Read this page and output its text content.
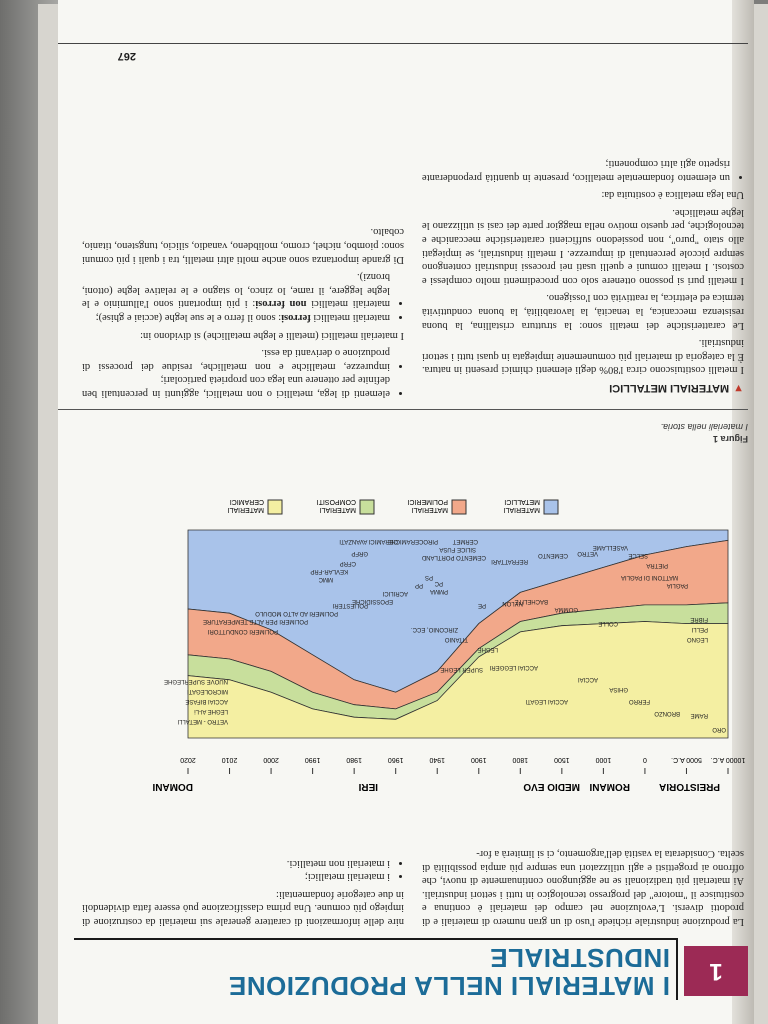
1
I MATERIALI NELLA PRODUZIONE INDUSTRIALE

La produzione industriale richiede l'uso di un gran numero di materiali e di prodotti diversi. L'evoluzione nel campo dei materiali è continua e costituisce il "motore" del progresso tecnologico in tutti i settori industriali. Ai materiali più tradizionali se ne aggiungono continuamente di nuovi, che offrono ai progettisti e agli utilizzatori una sempre più ampia possibilità di scelta. Considerata la vastità dell'argomento, ci si limiterà a for-

nire delle informazioni di carattere generale sui materiali da costruzione di impiego più comune. Una prima classificazione può essere fatta dividendoli in due categorie fondamentali:

• i materiali metallici;
• i materiali non metallici.
PREISTORIA
ROMANI
MEDIO EVO
IERI
DOMANI
10000 A.C.
5000 A.C.
0
1000
1500
1800
1900
1940
1960
1980
1990
2000
2010
2020
ORO
RAME
BRONZO
FERRO
GHISA
ACCIAI
ACCIAI LEGATI
ACCIAI LEGGERI
LEGHE
SUPER LEGHE
TITANIO
ZIRCONIO, ECC.
VETRO - METALLI
LEGHE Al-Li
ACCIAI BIFASE
MICROLEGATI
NUOVE SUPERLEGHE
LEGNO
PELLI
FIBRE
COLLE
GOMMA
BACHELITE
NYLON
PE
PMMA
PC
PS
PP
ACRILICI
EPOSSIDICHE
POLIESTERI
POLIMERI AD ALTO MODULO
POLIMERI PER ALTE TEMPERATURE
POLIMERI CONDUTTORI
PAGLIA
MATTONI DI PAGLIA
PIETRA
SELCE
VASELLAME
VETRO
CEMENTO
REFRATTARI
CEMENTO PORTLAND
SILICE FUSA
CERMET
PIROCERAMICHE
CERAMICI AVANZATI
GRFP
CFRP
KEVLAR-FRP
MMC
MATERIALI
METALLICI
MATERIALI
POLIMERICI
MATERIALI
COMPOSITI
MATERIALI
CERAMICI
Figura 1
I materiali nella storia.
▼MATERIALI METALLICI

I metalli costituiscono circa l'80% degli elementi chimici presenti in natura. È la categoria di materiali più comunemente impiegata in quasi tutti i settori industriali.

Le caratteristiche dei metalli sono: la struttura cristallina, la buona resistenza meccanica, la tenacità, la lavorabilità, la buona conduttività termica ed elettrica, la reattività con l'ossigeno.

I metalli puri si possono ottenere solo con procedimenti molto complessi e costosi. I metalli comuni e quelli usati nei processi industriali contengono sempre piccole percentuali di impurezze. I metalli industriali, se impiegati allo stato "puro", non possiedono sufficienti caratteristiche meccaniche e tecnologiche, per questo motivo nella maggior parte dei casi si utilizzano le leghe metalliche.

Una lega metallica è costituita da:

• un elemento fondamentale metallico, presente in quantità preponderante rispetto agli altri componenti;
• elementi di lega, metallici o non metallici, aggiunti in percentuali ben definite per ottenere una lega con proprietà particolari;
• impurezze, metalliche e non metalliche, residue dei processi di produzione o derivanti da essi.

I materiali metallici (metalli e leghe metalliche) si dividono in:

• materiali metallici ferrosi: sono il ferro e le sue leghe (acciai e ghise);
• materiali metallici non ferrosi: i più importanti sono l'alluminio e le leghe leggere, il rame, lo zinco, lo stagno e le relative leghe (ottoni, bronzi).

Di grande importanza sono anche molti altri metalli, tra i quali i più comuni sono: piombo, nichel, cromo, molibdeno, vanadio, silicio, tungsteno, titanio, cobalto.

267
